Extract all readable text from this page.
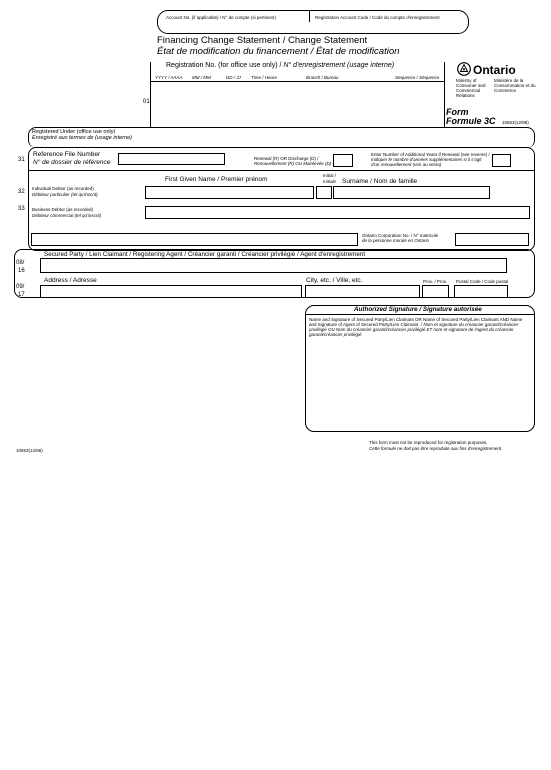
Account No. (if applicable) / N° de compte (si pertinent)	Registration Account Code / Code du compte d'enregistrement
Financing Change Statement / Change Statement
État de modification du financement / État de modification
Registration No. (for office use only) / N° d'enregistrement (usage interne)
YYYY / AAAA MM / MM	DD / JJ Time / Heure	Branch / Bureau	Sequence / Séquence
01
Ontario
Ministry of Consumer and Commercial Relations
Ministère de la Consommation et du Commerce
Form
Formule 3C 10553(12/98)
Registered Under (office use only)
Enregistré aux termes de (usage interne)
31
Reference File Number
N° de dossier de référence
Renewal (R) OR Discharge (D) /
Renouvellement (R) OU Mainlevée (D)
Enter Number of Additional Years if Renewal (see reverse) /
Indiquer le nombre d'années supplémentaires si il s'agit d'un renouvellement (voir au verso)
32
First Given Name / Premier prénom
Initial /
Initiale Surname / Nom de famille
Individual Debtor (as recorded)
Débiteur particulier (tel qu'inscrit)
33 Business Debtor (as recorded)
Débiteur commercial (tel qu'inscrit)
Ontario Corporation No. / N° matricule
de la personne morale en Ontario
08/
16
Secured Party / Lien Claimant / Registering Agent / Créancier garanti / Créancier privilégié / Agent d'enregistrement
09/
17
Address / Adresse	City, etc. / Ville, etc.	Prov. / Prov. Postal Code / Code postal
Authorized Signature / Signature autorisée
Name and Signature of Secured Party/Lien Claimant OR Name of Secured Party/Lien Claimant AND Name and Signature of Agent of Secured Party/Lien Claimant. / Nom et signature du créancier garanti/créancier privilégié OU Nom du créancier garanti/créancier privilégié ET nom et signature de l'agent du créancier garanti/créancier privilégié
10553(12/98)
This form must not be reproduced for registration purposes.
Cette formule ne doit pas être reproduite aux fins d'enregistrement.
